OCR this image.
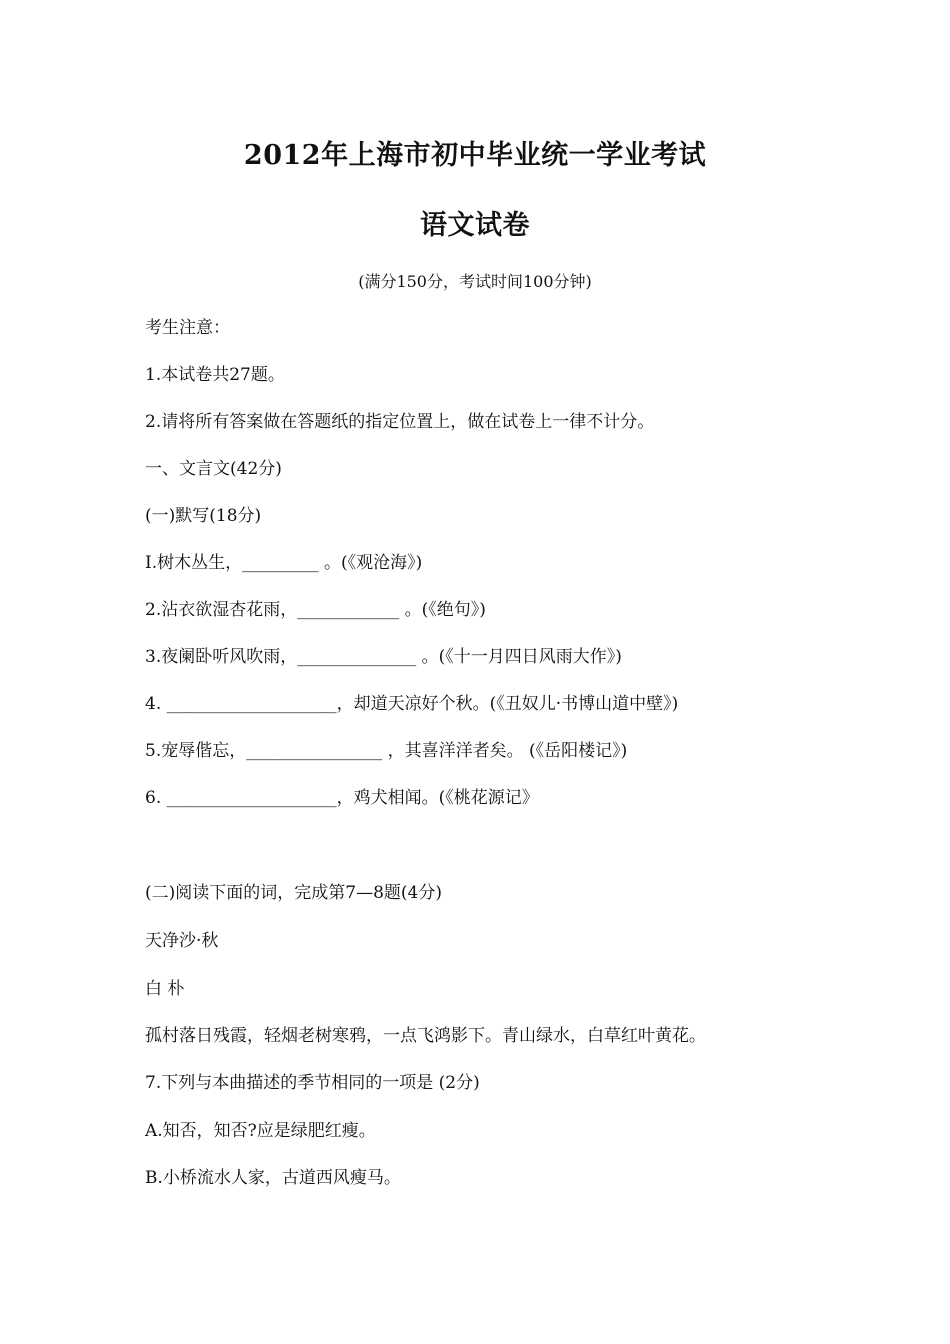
2012年上海市初中毕业统一学业考试
语文试卷
(满分150分，考试时间100分钟)
考生注意：
1.本试卷共27题。
2.请将所有答案做在答题纸的指定位置上，做在试卷上一律不计分。
一、文言文(42分)
(一)默写(18分)
I.树木丛生，_________ 。(《观沧海》)
2.沾衣欲湿杏花雨，____________ 。(《绝句》)
3.夜阑卧听风吹雨，______________ 。(《十一月四日风雨大作》)
4. ____________________，却道天凉好个秋。(《丑奴儿·书博山道中壁》)
5.宠辱偕忘，________________ ，其喜洋洋者矣。 (《岳阳楼记》)
6. ____________________，鸡犬相闻。(《桃花源记》
(二)阅读下面的词，完成第7—8题(4分)
天净沙·秋
白 朴
孤村落日残霞，轻烟老树寒鸦，一点飞鸿影下。青山绿水，白草红叶黄花。
7.下列与本曲描述的季节相同的一项是 (2分)
A.知否，知否?应是绿肥红瘦。
B.小桥流水人家，古道西风瘦马。
